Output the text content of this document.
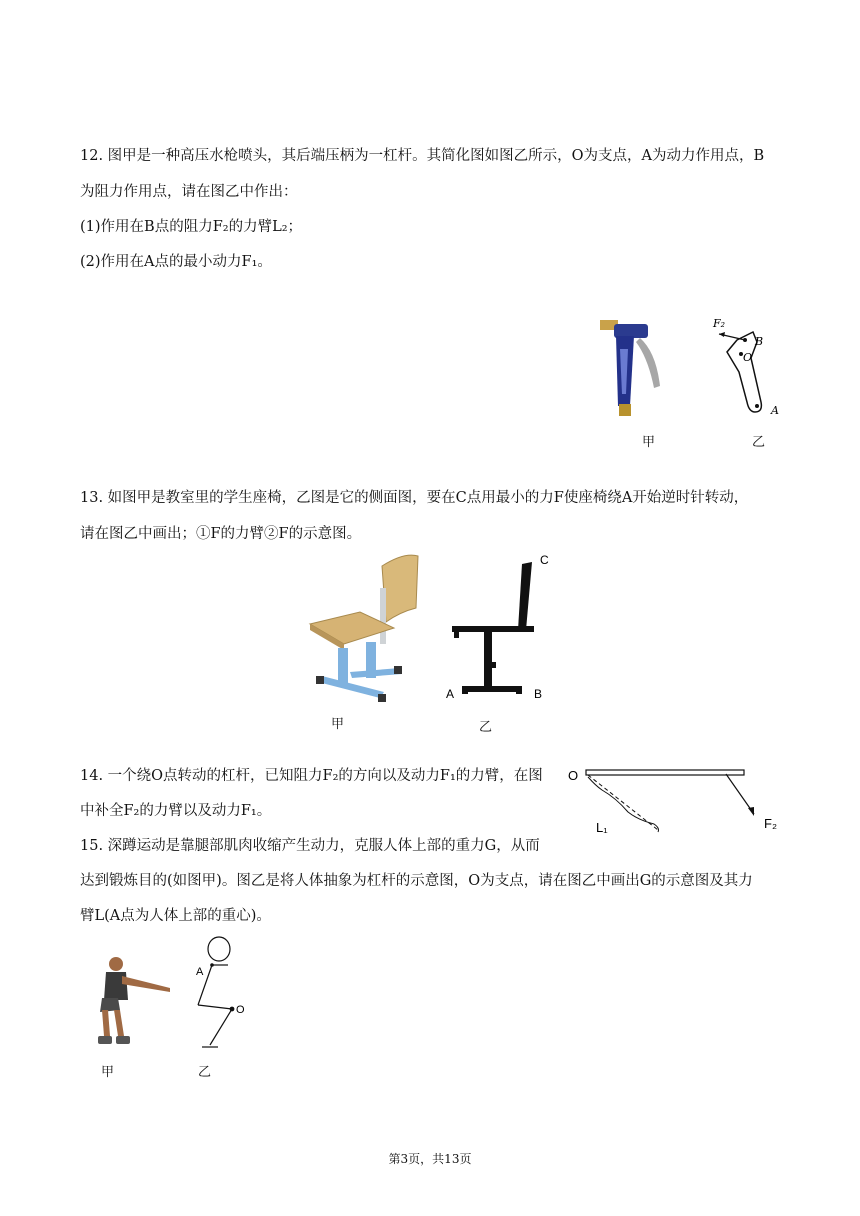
12. 图甲是一种高压水枪喷头，其后端压柄为一杠杆。其简化图如图乙所示，O为支点，A为动力作用点，B
为阻力作用点，请在图乙中作出：
(1)作用在B点的阻力F₂的力臂L₂；
(2)作用在A点的最小动力F₁。
甲
F₂
B
O
A
乙
13. 如图甲是教室里的学生座椅，乙图是它的侧面图，要在C点用最小的力F使座椅绕A开始逆时针转动，
请在图乙中画出；①F的力臂②F的示意图。
甲
C
A	B
乙
14. 一个绕O点转动的杠杆，已知阻力F₂的方向以及动力F₁的力臂，在图
中补全F₂的力臂以及动力F₁。
O
L₁	F₂
15. 深蹲运动是靠腿部肌肉收缩产生动力，克服人体上部的重力G，从而
达到锻炼目的(如图甲)。图乙是将人体抽象为杠杆的示意图，O为支点，请在图乙中画出G的示意图及其力
臂L(A点为人体上部的重心)。
甲
A
O
乙
第3页，共13页
